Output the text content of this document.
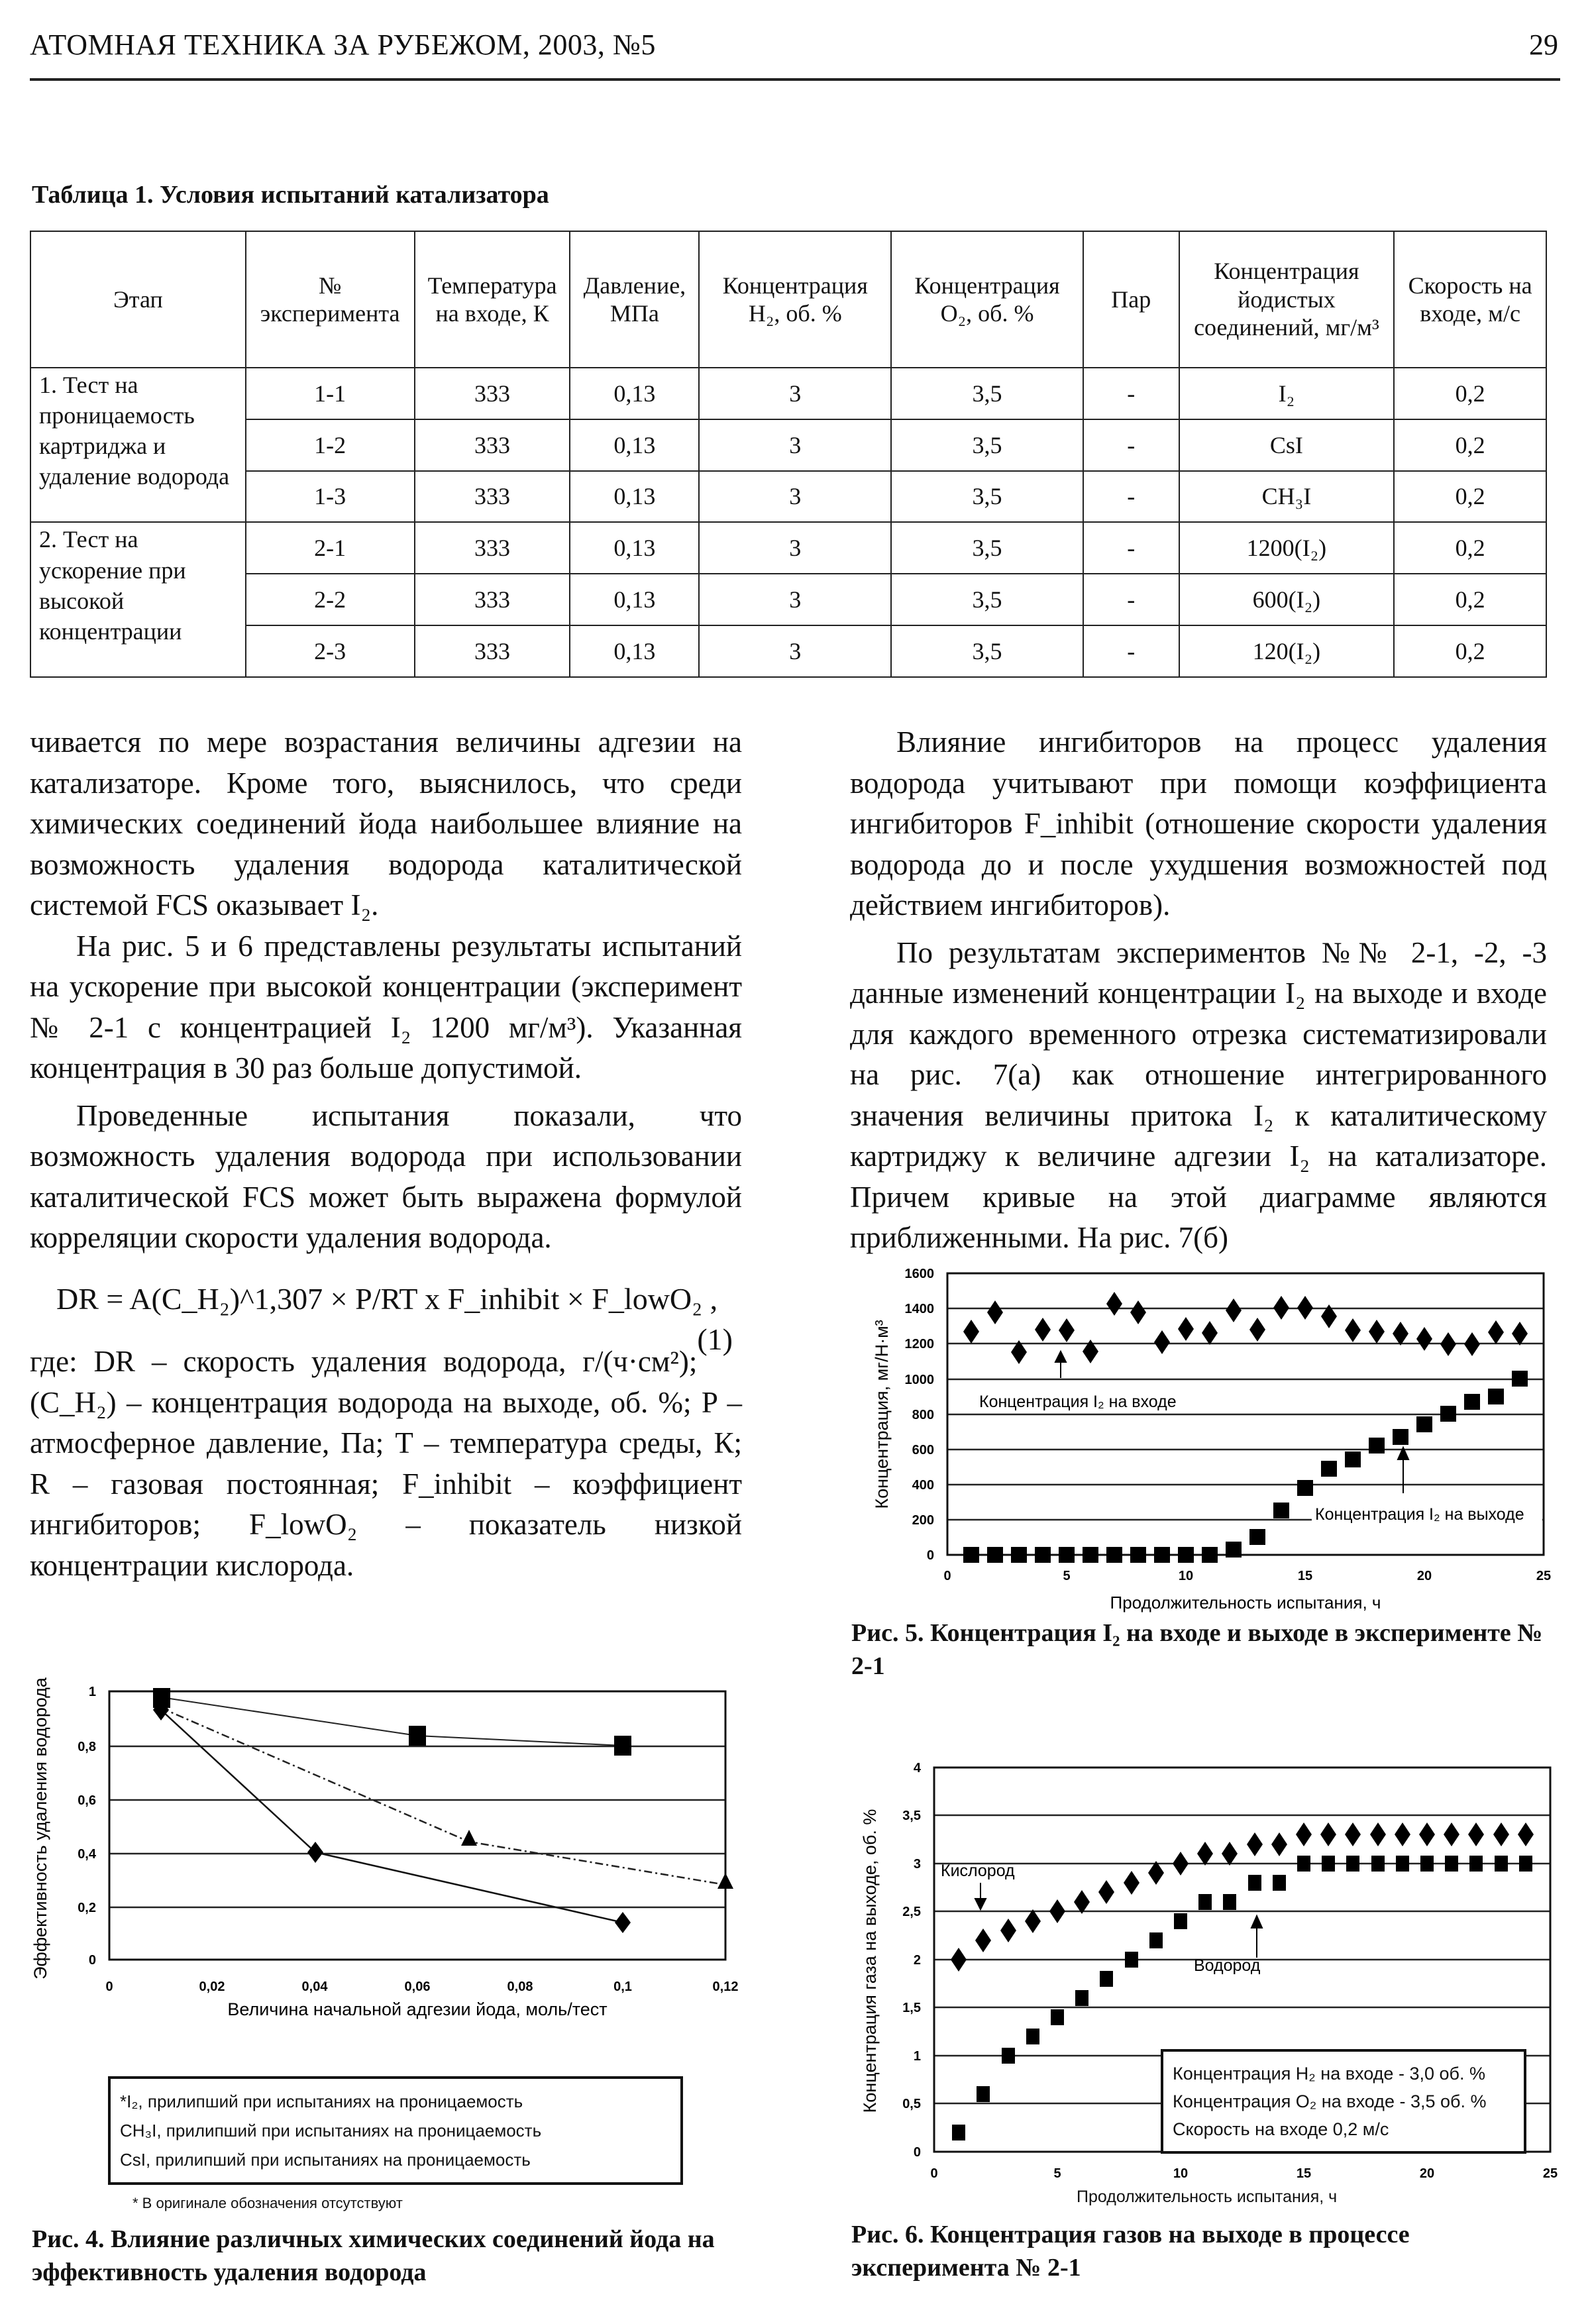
АТОМНАЯ ТЕХНИКА ЗА РУБЕЖОМ, 2003, №5	29
Таблица 1. Условия испытаний катализатора
Этап	№ эксперимента	Температура на входе, К	Давление, МПа	Концентрация H₂, об. %	Концентрация O₂, об. %	Пар	Концентрация йодистых соединений, мг/м³	Скорость на входе, м/с
1. Тест на проницаемость картриджа и удаление водорода	1-1	333	0,13	3	3,5	-	I₂	0,2
	1-2	333	0,13	3	3,5	-	CsI	0,2
	1-3	333	0,13	3	3,5	-	CH₃I	0,2
2. Тест на ускорение при высокой концентрации	2-1	333	0,13	3	3,5	-	1200(I₂)	0,2
	2-2	333	0,13	3	3,5	-	600(I₂)	0,2
	2-3	333	0,13	3	3,5	-	120(I₂)	0,2

чивается по мере возрастания величины адгезии на катализаторе. Кроме того, выяснилось, что среди химических соединений йода наибольшее влияние на возможность удаления водорода каталитической системой FCS оказывает I₂.

На рис. 5 и 6 представлены результаты испытаний на ускорение при высокой концентрации (эксперимент № 2-1 с концентрацией I₂ 1200 мг/м³). Указанная концентрация в 30 раз больше допустимой.

Проведенные испытания показали, что возможность удаления водорода при использовании каталитической FCS может быть выражена формулой корреляции скорости удаления водорода.

DR = A(C_H₂)^1,307 × P/RT x F_inhibit × F_lowO₂ ,
(1)

где: DR – скорость удаления водорода, г/(ч·см²); (C_H₂) – концентрация водорода на выходе, об. %; P – атмосферное давление, Па; T – температура среды, К; R – газовая постоянная; F_inhibit – коэффициент ингибиторов; F_lowO₂ – показатель низкой концентрации кислорода.

Влияние ингибиторов на процесс удаления водорода учитывают при помощи коэффициента ингибиторов F_inhibit (отношение скорости удаления водорода до и после ухудшения возможностей под действием ингибиторов).

По результатам экспериментов №№ 2-1, -2, -3 данные изменений концентрации I₂ на выходе и входе для каждого временного отрезка систематизировали на рис. 7(а) как отношение интегрированного значения величины притока I₂ к каталитическому картриджу к величине адгезии I₂ на катализаторе. Причем кривые на этой диаграмме являются приближенными. На рис. 7(б)

0
200
400
600
800
1000
1200
1400
1600
0	5	10	15	20	25
Концентрация, мг/Н·м³
Продолжительность испытания, ч
Концентрация I₂ на входе
Концентрация I₂ на выходе
Рис. 5. Концентрация I₂ на входе и выходе в эксперименте № 2-1
0
0,5
1
1,5
2
2,5
3
3,5
4
0	5	10	15	20	25
Концентрация газа на выходе, об. %	Кислород
Водород
Концентрация H₂ на входе - 3,0 об. %
Концентрация O₂ на входе - 3,5 об. %
Скорость на входе 0,2 м/с
Продолжительность испытания, ч
Рис. 6. Концентрация газов на выходе в процессе эксперимента № 2-1
0
0,2
0,4
0,6
0,8
1
0	0,02	0,04	0,06	0,08	0,1	0,12
Эффективность удаления водорода
Величина начальной адгезии йода, моль/тест
*I₂, прилипший при испытаниях на проницаемость
CH₃I, прилипший при испытаниях на проницаемость
CsI, прилипший при испытаниях на проницаемость
* В оригинале обозначения отсутствуют
Рис. 4. Влияние различных химических соединений йода на эффективность удаления водорода
